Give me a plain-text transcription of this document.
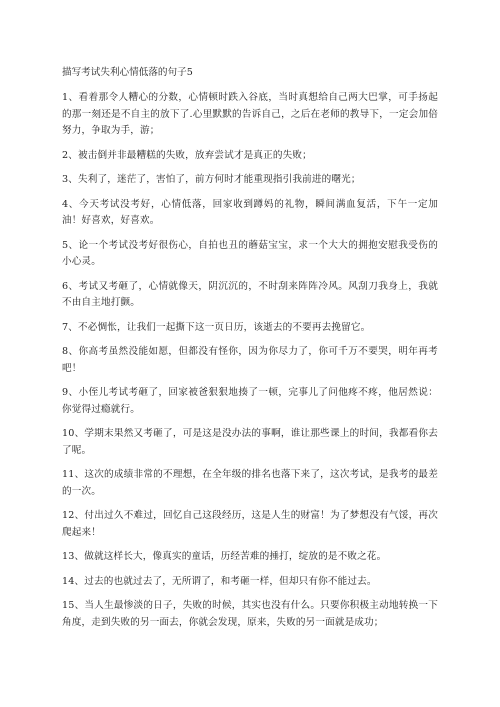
描写考试失利心情低落的句子5

1、看着那令人糟心的分数，心情顿时跌入谷底，当时真想给自己两大巴掌，可手扬起的那一刻还是不自主的放下了.心里默默的告诉自己，之后在老师的教导下，一定会加倍努力，争取为手，游；

2、被击倒并非最糟糕的失败，放弃尝试才是真正的失败；

3、失利了，迷茫了，害怕了，前方何时才能重现指引我前进的曙光；

4、今天考试没考好，心情低落，回家收到蹲妈的礼物，瞬间满血复活，下午一定加油！好喜欢，好喜欢。

5、论一个考试没考好很伤心，自拍也丑的蘑菇宝宝，求一个大大的拥抱安慰我受伤的小心灵。

6、考试又考砸了，心情就像天，阴沉沉的，不时刮来阵阵冷风。风刮刀我身上，我就不由自主地打颤。

7、不必惆怅，让我们一起撕下这一页日历，该逝去的不要再去挽留它。

8、你高考虽然没能如愿，但都没有怪你，因为你尽力了，你可千万不要哭，明年再考吧！

9、小侄儿考试考砸了，回家被爸狠狠地揍了一顿，完事儿了问他疼不疼，他居然说：你觉得过瘾就行。

10、学期末果然又考砸了，可是这是没办法的事啊，谁让那些课上的时间，我都看你去了呢。

11、这次的成绩非常的不理想，在全年级的排名也落下来了，这次考试，是我考的最差的一次。

12、付出过久不难过，回忆自己这段经历，这是人生的财富！为了梦想没有气馁，再次爬起来！

13、做就这样长大，像真实的童话，历经苦难的捶打，绽放的是不败之花。

14、过去的也就过去了，无所谓了，和考砸一样，但却只有你不能过去。

15、当人生最惨淡的日子，失败的时候，其实也没有什么。只要你积极主动地转换一下角度，走到失败的另一面去，你就会发现，原来，失败的另一面就是成功；
